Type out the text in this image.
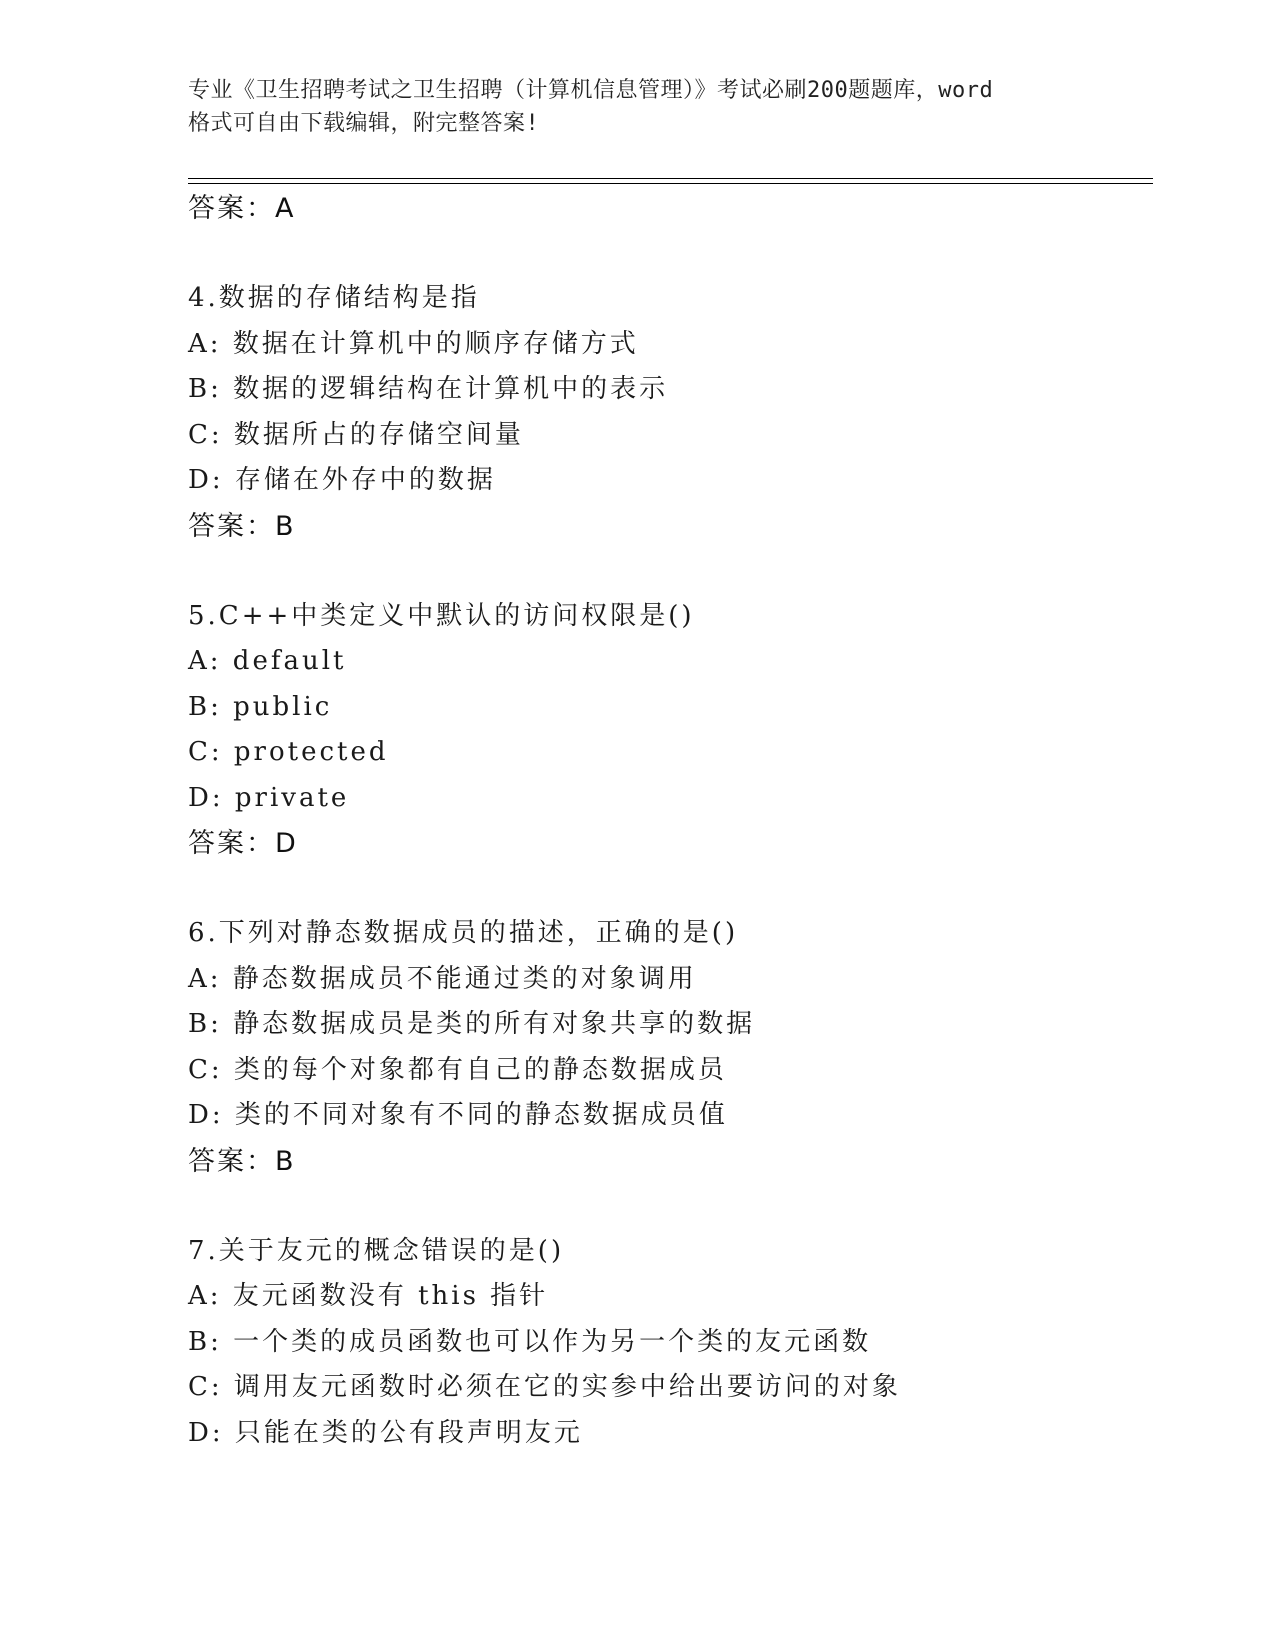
专业《卫生招聘考试之卫生招聘（计算机信息管理）》考试必刷200题题库，word
格式可自由下载编辑，附完整答案!
答案：A
4.数据的存储结构是指
A: 数据在计算机中的顺序存储方式
B: 数据的逻辑结构在计算机中的表示
C: 数据所占的存储空间量
D: 存储在外存中的数据
答案：B
5.C++中类定义中默认的访问权限是()
A: default
B: public
C: protected
D: private
答案：D
6.下列对静态数据成员的描述，正确的是()
A: 静态数据成员不能通过类的对象调用
B: 静态数据成员是类的所有对象共享的数据
C: 类的每个对象都有自己的静态数据成员
D: 类的不同对象有不同的静态数据成员值
答案：B
7.关于友元的概念错误的是()
A: 友元函数没有 this 指针
B: 一个类的成员函数也可以作为另一个类的友元函数
C: 调用友元函数时必须在它的实参中给出要访问的对象
D: 只能在类的公有段声明友元
